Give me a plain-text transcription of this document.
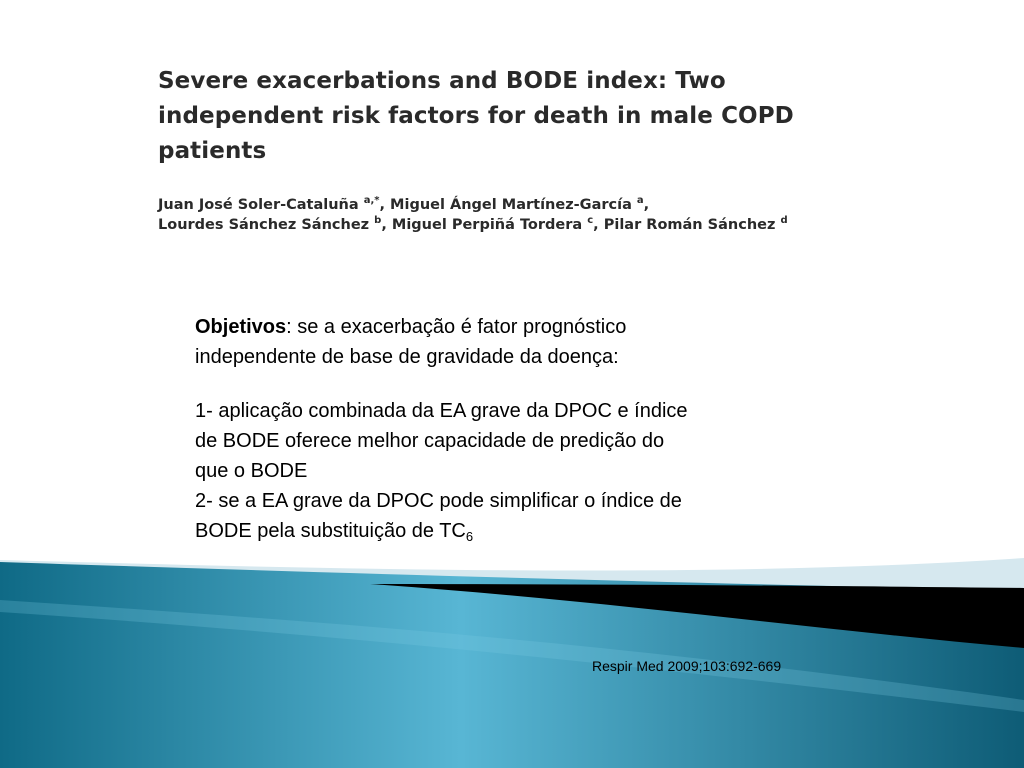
Severe exacerbations and BODE index: Two
independent risk factors for death in male COPD
patients
Juan José Soler-Cataluña $^{a,*}$, Miguel Ángel Martínez-García $^a$,
Lourdes Sánchez Sánchez $^b$, Miguel Perpiñá Tordera $^c$, Pilar Román Sánchez $^d$

Objetivos: se a exacerbação é fator prognóstico
independente de base de gravidade da doença:

1- aplicação combinada da EA grave da DPOC e índice
de BODE oferece melhor capacidade de predição do
que o BODE

2- se a EA grave da DPOC pode simplificar o índice de
BODE pela substituição de $TC_6$

Respir Med 2009;103:692-669
